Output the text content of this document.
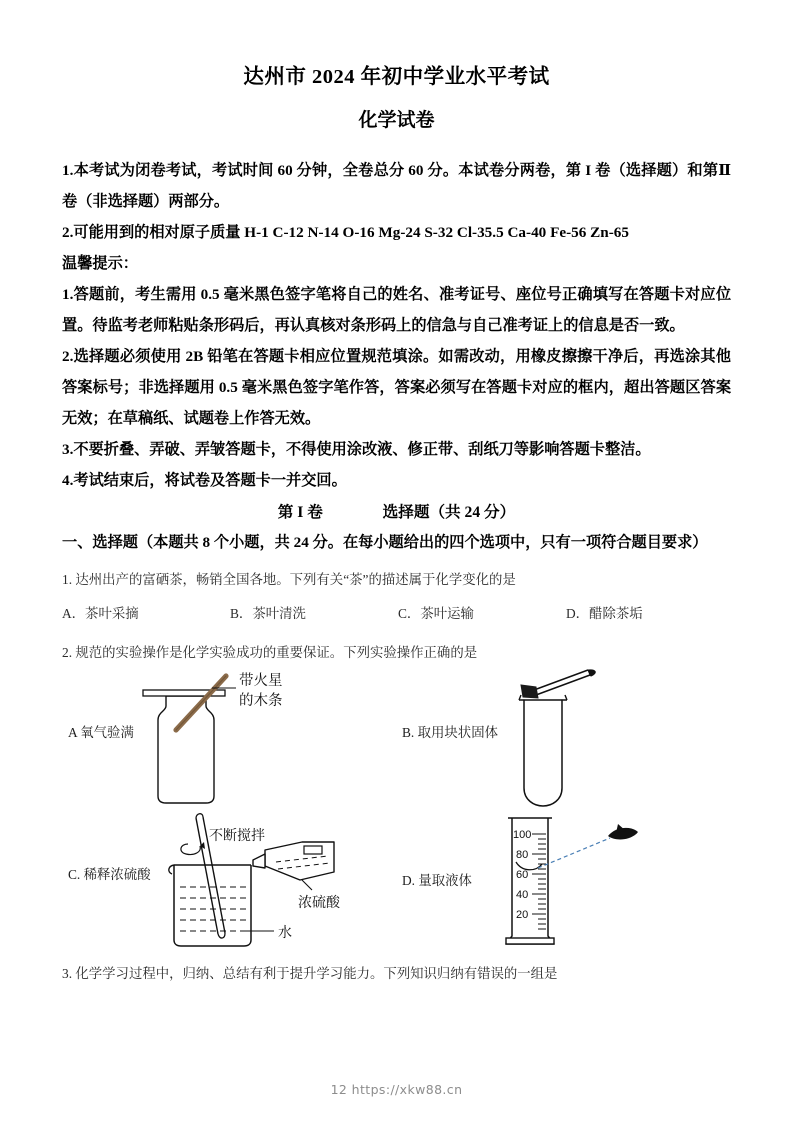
达州市 2024 年初中学业水平考试
化学试卷

1.本考试为闭卷考试，考试时间 60 分钟，全卷总分 60 分。本试卷分两卷，第 I 卷（选择题）和第Ⅱ卷（非选择题）两部分。

2.可能用到的相对原子质量 H-1 C-12 N-14 O-16 Mg-24 S-32 Cl-35.5 Ca-40 Fe-56 Zn-65

温馨提示：

1.答题前，考生需用 0.5 毫米黑色签字笔将自己的姓名、准考证号、座位号正确填写在答题卡对应位置。待监考老师粘贴条形码后，再认真核对条形码上的信急与自己准考证上的信息是否一致。

2.选择题必须使用 2B 铅笔在答题卡相应位置规范填涂。如需改动，用橡皮擦擦干净后，再选涂其他答案标号；非选择题用 0.5 毫米黑色签字笔作答，答案必须写在答题卡对应的框内，超出答题区答案无效；在草稿纸、试题卷上作答无效。

3.不要折叠、弄破、弄皱答题卡，不得使用涂改液、修正带、刮纸刀等影响答题卡整洁。

4.考试结束后，将试卷及答题卡一并交回。

第 I 卷	选择题（共 24 分）

一、选择题（本题共 8 个小题，共 24 分。在每小题给出的四个选项中，只有一项符合题目要求）

1. 达州出产的富硒茶，畅销全国各地。下列有关“茶”的描述属于化学变化的是

A．茶叶采摘	B．茶叶清洗	C．茶叶运输	D．醋除茶垢

2. 规范的实验操作是化学实验成功的重要保证。下列实验操作正确的是

A 氧气验满
带火星
的木条
B. 取用块状固体
C. 稀释浓硫酸
不断搅拌
浓硫酸
水
D. 量取液体
100
80
60
40
20

3. 化学学习过程中，归纳、总结有利于提升学习能力。下列知识归纳有错误的一组是

12 https://xkw88.cn
